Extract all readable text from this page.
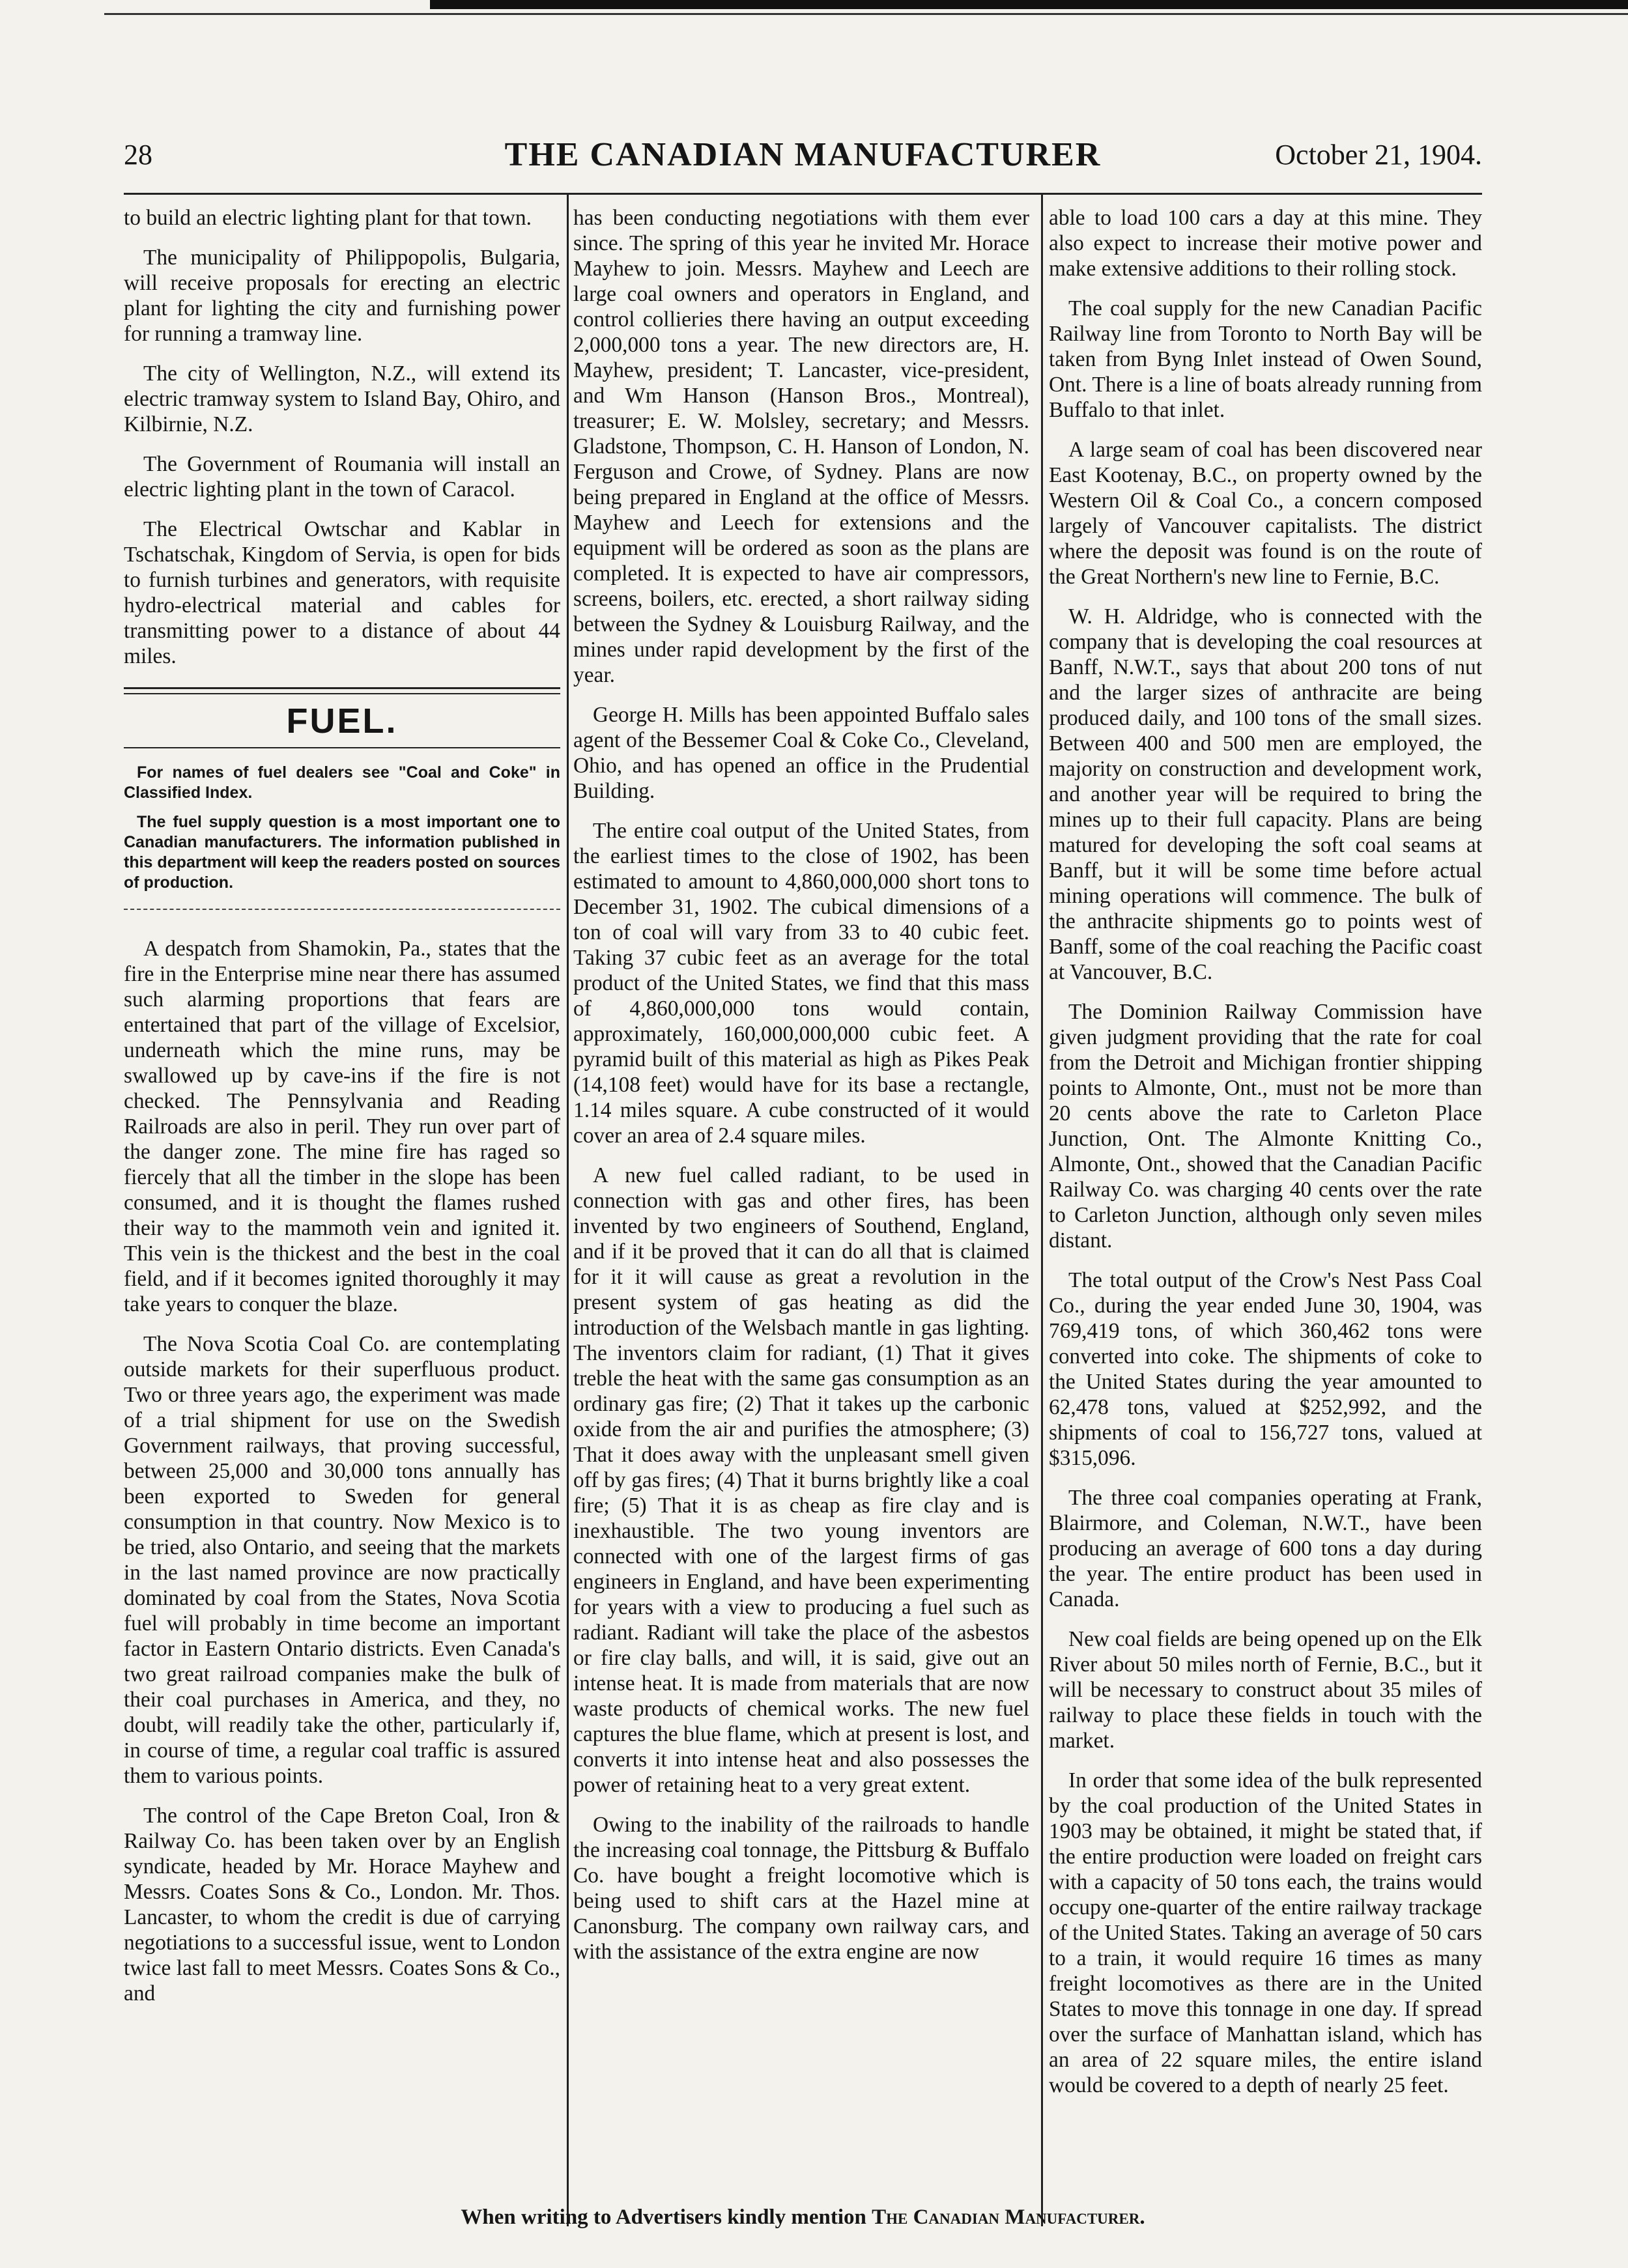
28	THE CANADIAN MANUFACTURER	October 21, 1904.

to build an electric lighting plant for that town.

The municipality of Philippopolis, Bulgaria, will receive proposals for erecting an electric plant for lighting the city and furnishing power for running a tramway line.

The city of Wellington, N.Z., will extend its electric tramway system to Island Bay, Ohiro, and Kilbirnie, N.Z.

The Government of Roumania will install an electric lighting plant in the town of Caracol.

The Electrical Owtschar and Kablar in Tschatschak, Kingdom of Servia, is open for bids to furnish turbines and generators, with requisite hydro-electrical material and cables for transmitting power to a distance of about 44 miles.

FUEL.

For names of fuel dealers see "Coal and Coke" in Classified Index.

The fuel supply question is a most important one to Canadian manufacturers. The information published in this department will keep the readers posted on sources of production.

A despatch from Shamokin, Pa., states that the fire in the Enterprise mine near there has assumed such alarming proportions that fears are entertained that part of the village of Excelsior, underneath which the mine runs, may be swallowed up by cave-ins if the fire is not checked. The Pennsylvania and Reading Railroads are also in peril. They run over part of the danger zone. The mine fire has raged so fiercely that all the timber in the slope has been consumed, and it is thought the flames rushed their way to the mammoth vein and ignited it. This vein is the thickest and the best in the coal field, and if it becomes ignited thoroughly it may take years to conquer the blaze.

The Nova Scotia Coal Co. are contemplating outside markets for their superfluous product. Two or three years ago, the experiment was made of a trial shipment for use on the Swedish Government railways, that proving successful, between 25,000 and 30,000 tons annually has been exported to Sweden for general consumption in that country. Now Mexico is to be tried, also Ontario, and seeing that the markets in the last named province are now practically dominated by coal from the States, Nova Scotia fuel will probably in time become an important factor in Eastern Ontario districts. Even Canada's two great railroad companies make the bulk of their coal purchases in America, and they, no doubt, will readily take the other, particularly if, in course of time, a regular coal traffic is assured them to various points.

The control of the Cape Breton Coal, Iron & Railway Co. has been taken over by an English syndicate, headed by Mr. Horace Mayhew and Messrs. Coates Sons & Co., London. Mr. Thos. Lancaster, to whom the credit is due of carrying negotiations to a successful issue, went to London twice last fall to meet Messrs. Coates Sons & Co., and

has been conducting negotiations with them ever since. The spring of this year he invited Mr. Horace Mayhew to join. Messrs. Mayhew and Leech are large coal owners and operators in England, and control collieries there having an output exceeding 2,000,000 tons a year. The new directors are, H. Mayhew, president; T. Lancaster, vice-president, and Wm Hanson (Hanson Bros., Montreal), treasurer; E. W. Molsley, secretary; and Messrs. Gladstone, Thompson, C. H. Hanson of London, N. Ferguson and Crowe, of Sydney. Plans are now being prepared in England at the office of Messrs. Mayhew and Leech for extensions and the equipment will be ordered as soon as the plans are completed. It is expected to have air compressors, screens, boilers, etc. erected, a short railway siding between the Sydney & Louisburg Railway, and the mines under rapid development by the first of the year.

George H. Mills has been appointed Buffalo sales agent of the Bessemer Coal & Coke Co., Cleveland, Ohio, and has opened an office in the Prudential Building.

The entire coal output of the United States, from the earliest times to the close of 1902, has been estimated to amount to 4,860,000,000 short tons to December 31, 1902. The cubical dimensions of a ton of coal will vary from 33 to 40 cubic feet. Taking 37 cubic feet as an average for the total product of the United States, we find that this mass of 4,860,000,000 tons would contain, approximately, 160,000,000,000 cubic feet. A pyramid built of this material as high as Pikes Peak (14,108 feet) would have for its base a rectangle, 1.14 miles square. A cube constructed of it would cover an area of 2.4 square miles.

A new fuel called radiant, to be used in connection with gas and other fires, has been invented by two engineers of Southend, England, and if it be proved that it can do all that is claimed for it it will cause as great a revolution in the present system of gas heating as did the introduction of the Welsbach mantle in gas lighting. The inventors claim for radiant, (1) That it gives treble the heat with the same gas consumption as an ordinary gas fire; (2) That it takes up the carbonic oxide from the air and purifies the atmosphere; (3) That it does away with the unpleasant smell given off by gas fires; (4) That it burns brightly like a coal fire; (5) That it is as cheap as fire clay and is inexhaustible. The two young inventors are connected with one of the largest firms of gas engineers in England, and have been experimenting for years with a view to producing a fuel such as radiant. Radiant will take the place of the asbestos or fire clay balls, and will, it is said, give out an intense heat. It is made from materials that are now waste products of chemical works. The new fuel captures the blue flame, which at present is lost, and converts it into intense heat and also possesses the power of retaining heat to a very great extent.

Owing to the inability of the railroads to handle the increasing coal tonnage, the Pittsburg & Buffalo Co. have bought a freight locomotive which is being used to shift cars at the Hazel mine at Canonsburg. The company own railway cars, and with the assistance of the extra engine are now

able to load 100 cars a day at this mine. They also expect to increase their motive power and make extensive additions to their rolling stock.

The coal supply for the new Canadian Pacific Railway line from Toronto to North Bay will be taken from Byng Inlet instead of Owen Sound, Ont. There is a line of boats already running from Buffalo to that inlet.

A large seam of coal has been discovered near East Kootenay, B.C., on property owned by the Western Oil & Coal Co., a concern composed largely of Vancouver capitalists. The district where the deposit was found is on the route of the Great Northern's new line to Fernie, B.C.

W. H. Aldridge, who is connected with the company that is developing the coal resources at Banff, N.W.T., says that about 200 tons of nut and the larger sizes of anthracite are being produced daily, and 100 tons of the small sizes. Between 400 and 500 men are employed, the majority on construction and development work, and another year will be required to bring the mines up to their full capacity. Plans are being matured for developing the soft coal seams at Banff, but it will be some time before actual mining operations will commence. The bulk of the anthracite shipments go to points west of Banff, some of the coal reaching the Pacific coast at Vancouver, B.C.

The Dominion Railway Commission have given judgment providing that the rate for coal from the Detroit and Michigan frontier shipping points to Almonte, Ont., must not be more than 20 cents above the rate to Carleton Place Junction, Ont. The Almonte Knitting Co., Almonte, Ont., showed that the Canadian Pacific Railway Co. was charging 40 cents over the rate to Carleton Junction, although only seven miles distant.

The total output of the Crow's Nest Pass Coal Co., during the year ended June 30, 1904, was 769,419 tons, of which 360,462 tons were converted into coke. The shipments of coke to the United States during the year amounted to 62,478 tons, valued at $252,992, and the shipments of coal to 156,727 tons, valued at $315,096.

The three coal companies operating at Frank, Blairmore, and Coleman, N.W.T., have been producing an average of 600 tons a day during the year. The entire product has been used in Canada.

New coal fields are being opened up on the Elk River about 50 miles north of Fernie, B.C., but it will be necessary to construct about 35 miles of railway to place these fields in touch with the market.

In order that some idea of the bulk represented by the coal production of the United States in 1903 may be obtained, it might be stated that, if the entire production were loaded on freight cars with a capacity of 50 tons each, the trains would occupy one-quarter of the entire railway trackage of the United States. Taking an average of 50 cars to a train, it would require 16 times as many freight locomotives as there are in the United States to move this tonnage in one day. If spread over the surface of Manhattan island, which has an area of 22 square miles, the entire island would be covered to a depth of nearly 25 feet.

When writing to Advertisers kindly mention The Canadian Manufacturer.
